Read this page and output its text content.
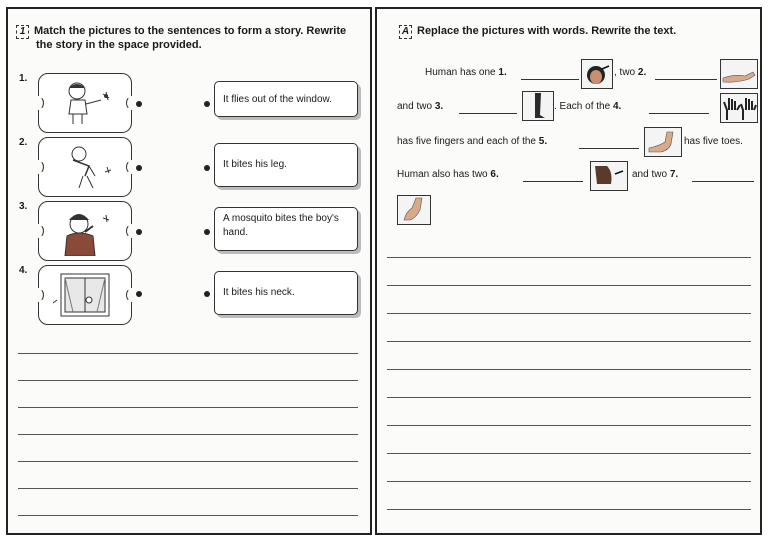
1 Match the pictures to the sentences to form a story. Rewrite
the story in the space provided.
1.
It flies out of the window.
2.
It bites his leg.
3.
A mosquito bites the boy's hand.
4.
It bites his neck.
A Replace the pictures with words. Rewrite the text.
Human has one 1.	, two 2.
and two 3.	. Each of the 4.
has five fingers and each of the 5.	has five toes.
Human also has two 6.	and two 7.
